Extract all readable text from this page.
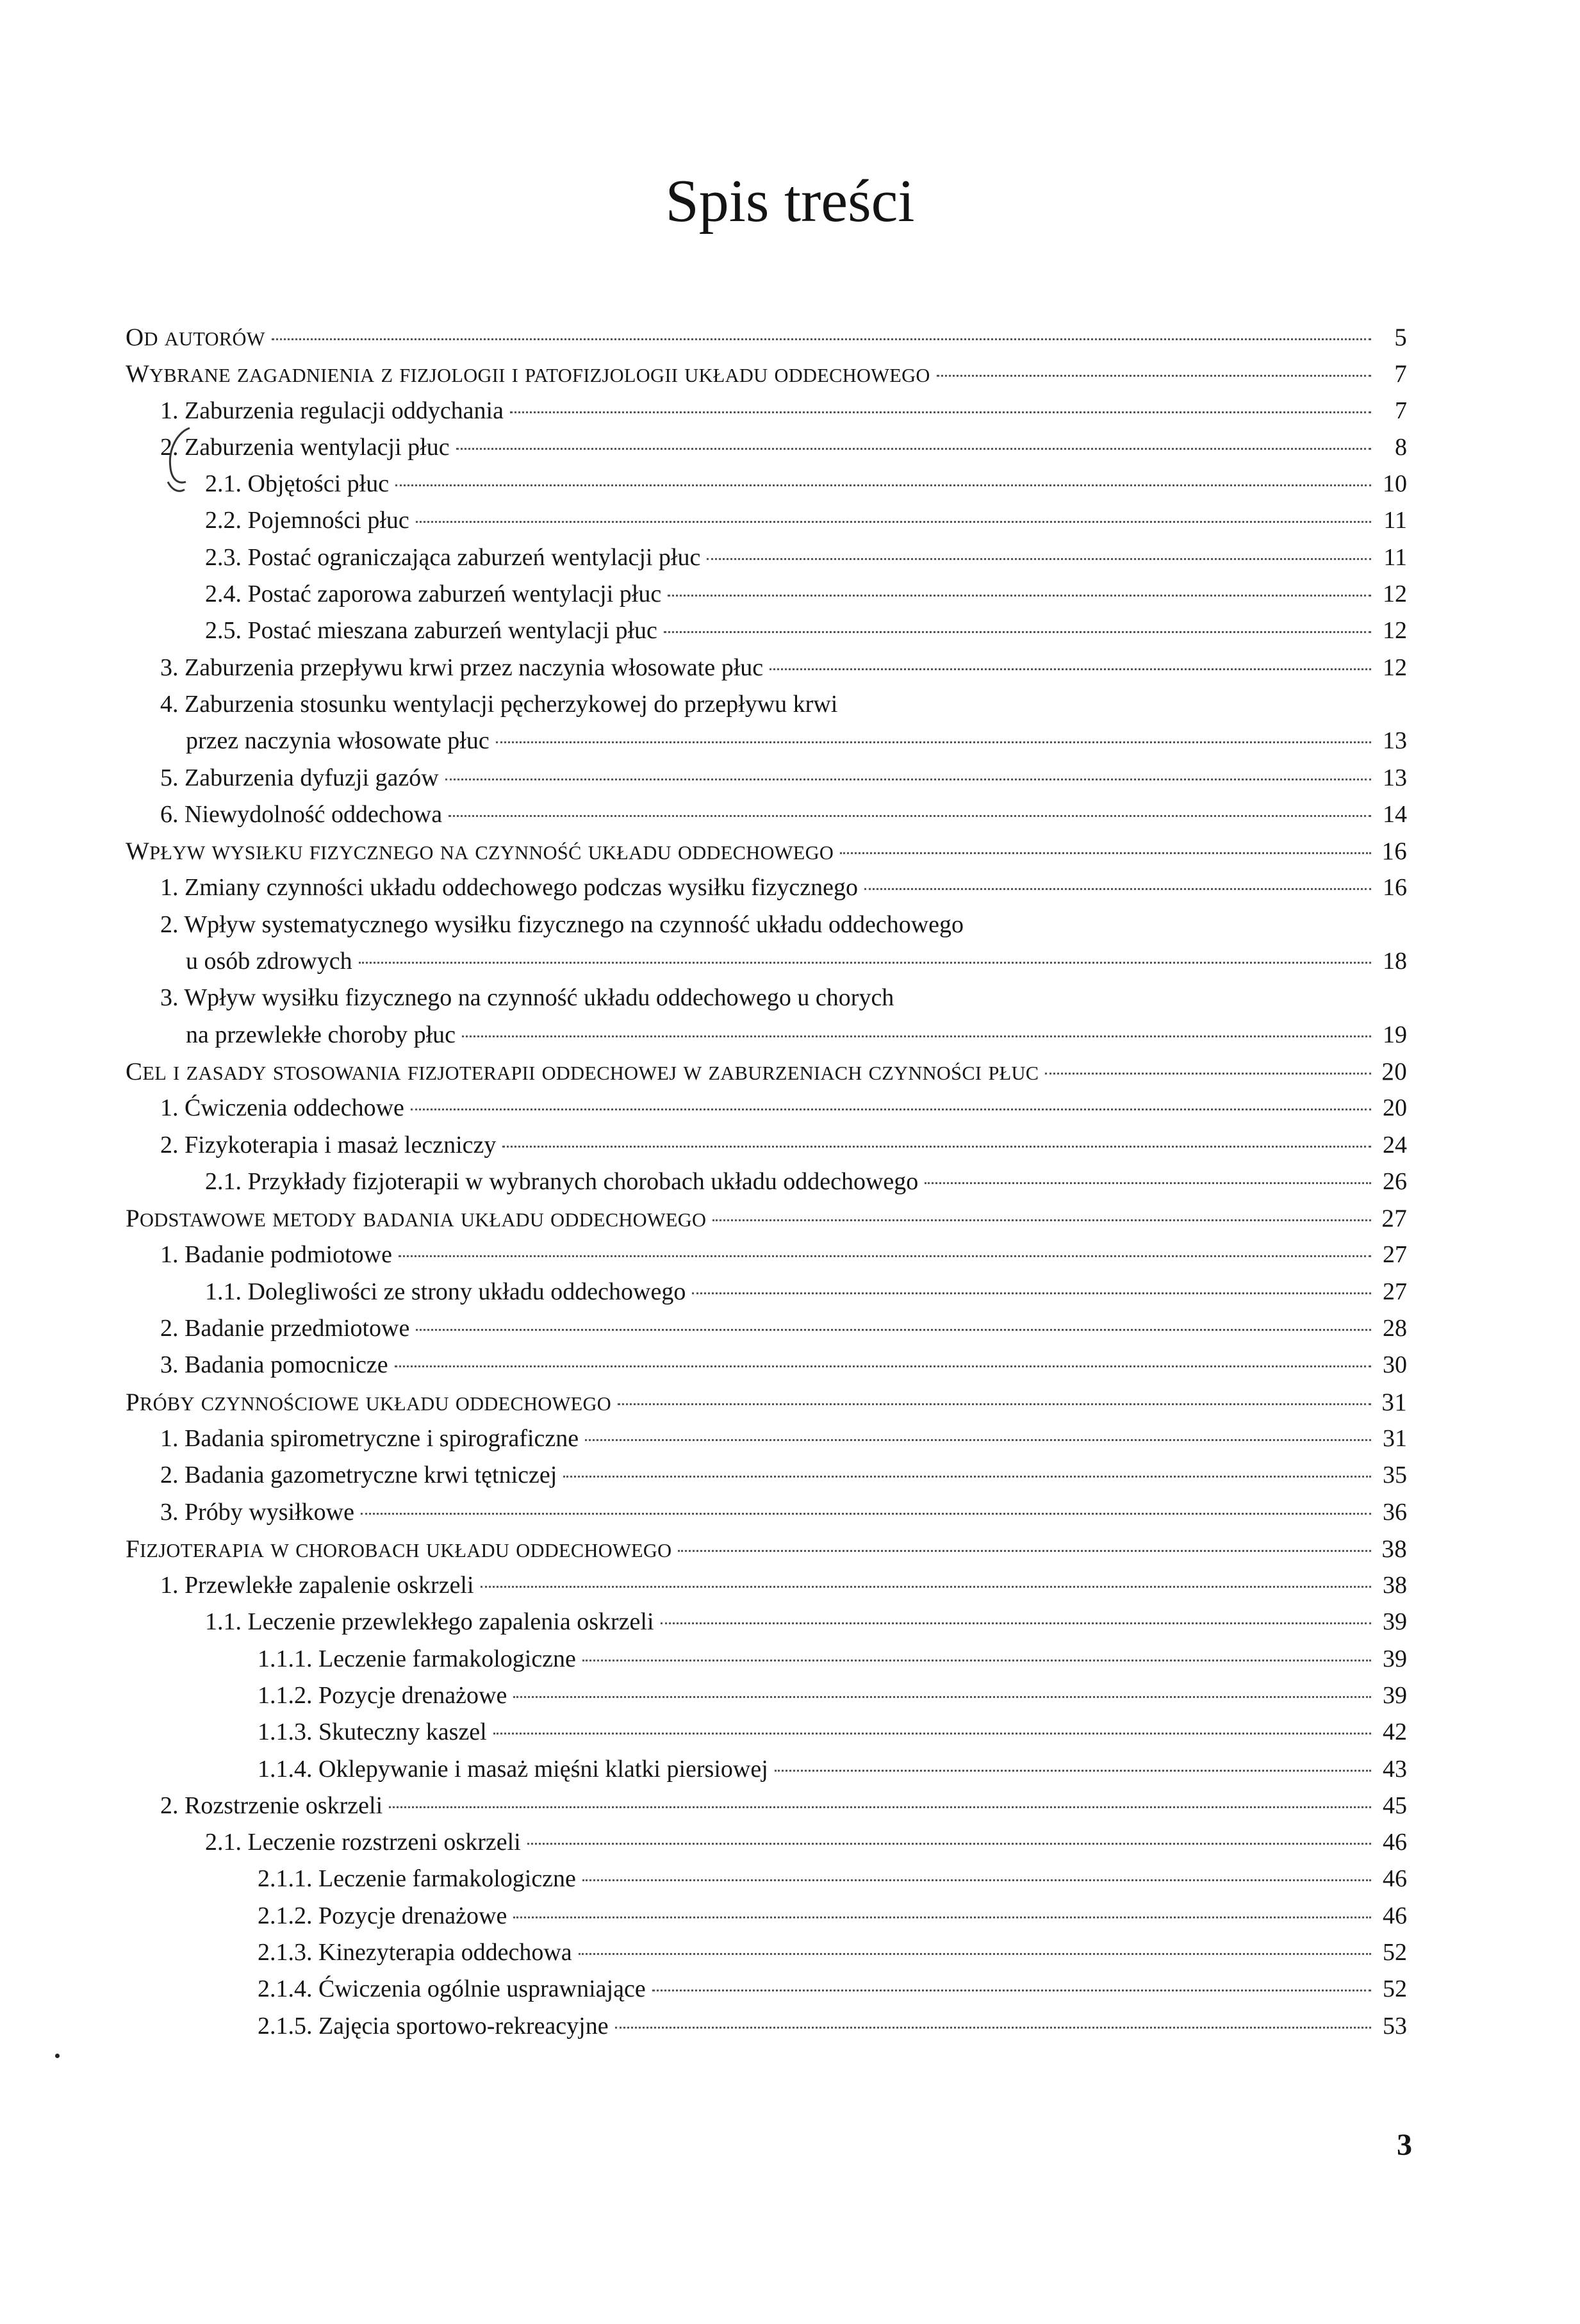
Spis treści
OD AUTORÓW	5
WYBRANE ZAGADNIENIA Z FIZJOLOGII I PATOFIZJOLOGII UKŁADU ODDECHOWEGO	7
1. Zaburzenia regulacji oddychania	7
2. Zaburzenia wentylacji płuc	8
2.1. Objętości płuc	10
2.2. Pojemności płuc	11
2.3. Postać ograniczająca zaburzeń wentylacji płuc	11
2.4. Postać zaporowa zaburzeń wentylacji płuc	12
2.5. Postać mieszana zaburzeń wentylacji płuc	12
3. Zaburzenia przepływu krwi przez naczynia włosowate płuc	12
4. Zaburzenia stosunku wentylacji pęcherzykowej do przepływu krwi
przez naczynia włosowate płuc	13
5. Zaburzenia dyfuzji gazów	13
6. Niewydolność oddechowa	14
WPŁYW WYSIŁKU FIZYCZNEGO NA CZYNNOŚĆ UKŁADU ODDECHOWEGO	16
1. Zmiany czynności układu oddechowego podczas wysiłku fizycznego	16
2. Wpływ systematycznego wysiłku fizycznego na czynność układu oddechowego
u osób zdrowych	18
3. Wpływ wysiłku fizycznego na czynność układu oddechowego u chorych
na przewlekłe choroby płuc	19
CEL I ZASADY STOSOWANIA FIZJOTERAPII ODDECHOWEJ W ZABURZENIACH CZYNNOŚCI PŁUC	20
1. Ćwiczenia oddechowe	20
2. Fizykoterapia i masaż leczniczy	24
2.1. Przykłady fizjoterapii w wybranych chorobach układu oddechowego	26
PODSTAWOWE METODY BADANIA UKŁADU ODDECHOWEGO	27
1. Badanie podmiotowe	27
1.1. Dolegliwości ze strony układu oddechowego	27
2. Badanie przedmiotowe	28
3. Badania pomocnicze	30
PRÓBY CZYNNOŚCIOWE UKŁADU ODDECHOWEGO	31
1. Badania spirometryczne i spirograficzne	31
2. Badania gazometryczne krwi tętniczej	35
3. Próby wysiłkowe	36
FIZJOTERAPIA W CHOROBACH UKŁADU ODDECHOWEGO	38
1. Przewlekłe zapalenie oskrzeli	38
1.1. Leczenie przewlekłego zapalenia oskrzeli	39
1.1.1. Leczenie farmakologiczne	39
1.1.2. Pozycje drenażowe	39
1.1.3. Skuteczny kaszel	42
1.1.4. Oklepywanie i masaż mięśni klatki piersiowej	43
2. Rozstrzenie oskrzeli	45
2.1. Leczenie rozstrzeni oskrzeli	46
2.1.1. Leczenie farmakologiczne	46
2.1.2. Pozycje drenażowe	46
2.1.3. Kinezyterapia oddechowa	52
2.1.4. Ćwiczenia ogólnie usprawniające	52
2.1.5. Zajęcia sportowo-rekreacyjne	53
3
